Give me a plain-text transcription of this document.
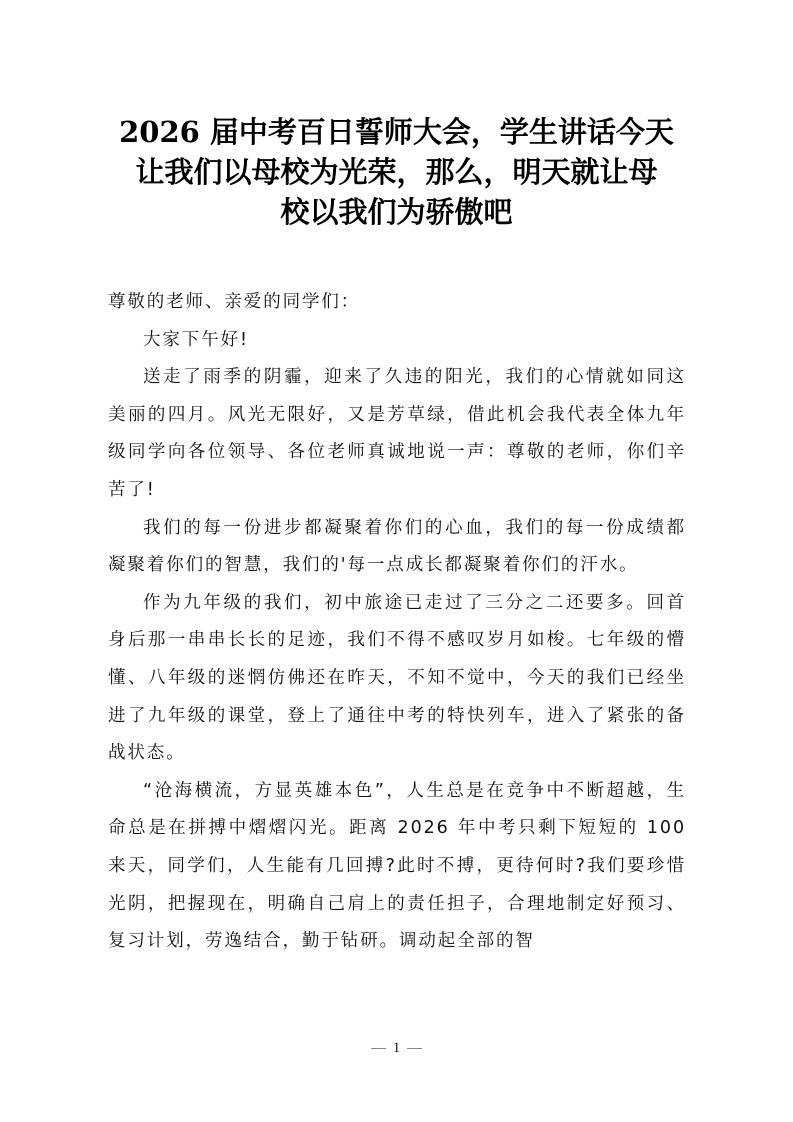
2026 届中考百日誓师大会，学生讲话今天
让我们以母校为光荣，那么，明天就让母
校以我们为骄傲吧

尊敬的老师、亲爱的同学们：

大家下午好!

送走了雨季的阴霾，迎来了久违的阳光，我们的心情就如同这美丽的四月。风光无限好，又是芳草绿，借此机会我代表全体九年级同学向各位领导、各位老师真诚地说一声：尊敬的老师，你们辛苦了!

我们的每一份进步都凝聚着你们的心血，我们的每一份成绩都凝聚着你们的智慧，我们的'每一点成长都凝聚着你们的汗水。

作为九年级的我们，初中旅途已走过了三分之二还要多。回首身后那一串串长长的足迹，我们不得不感叹岁月如梭。七年级的懵懂、八年级的迷惘仿佛还在昨天，不知不觉中，今天的我们已经坐进了九年级的课堂，登上了通往中考的特快列车，进入了紧张的备战状态。

“沧海横流，方显英雄本色”，人生总是在竞争中不断超越，生命总是在拼搏中熠熠闪光。距离 2026 年中考只剩下短短的 100 来天，同学们，人生能有几回搏?此时不搏，更待何时?我们要珍惜光阴，把握现在，明确自己肩上的责任担子，合理地制定好预习、复习计划，劳逸结合，勤于钻研。调动起全部的智

1
